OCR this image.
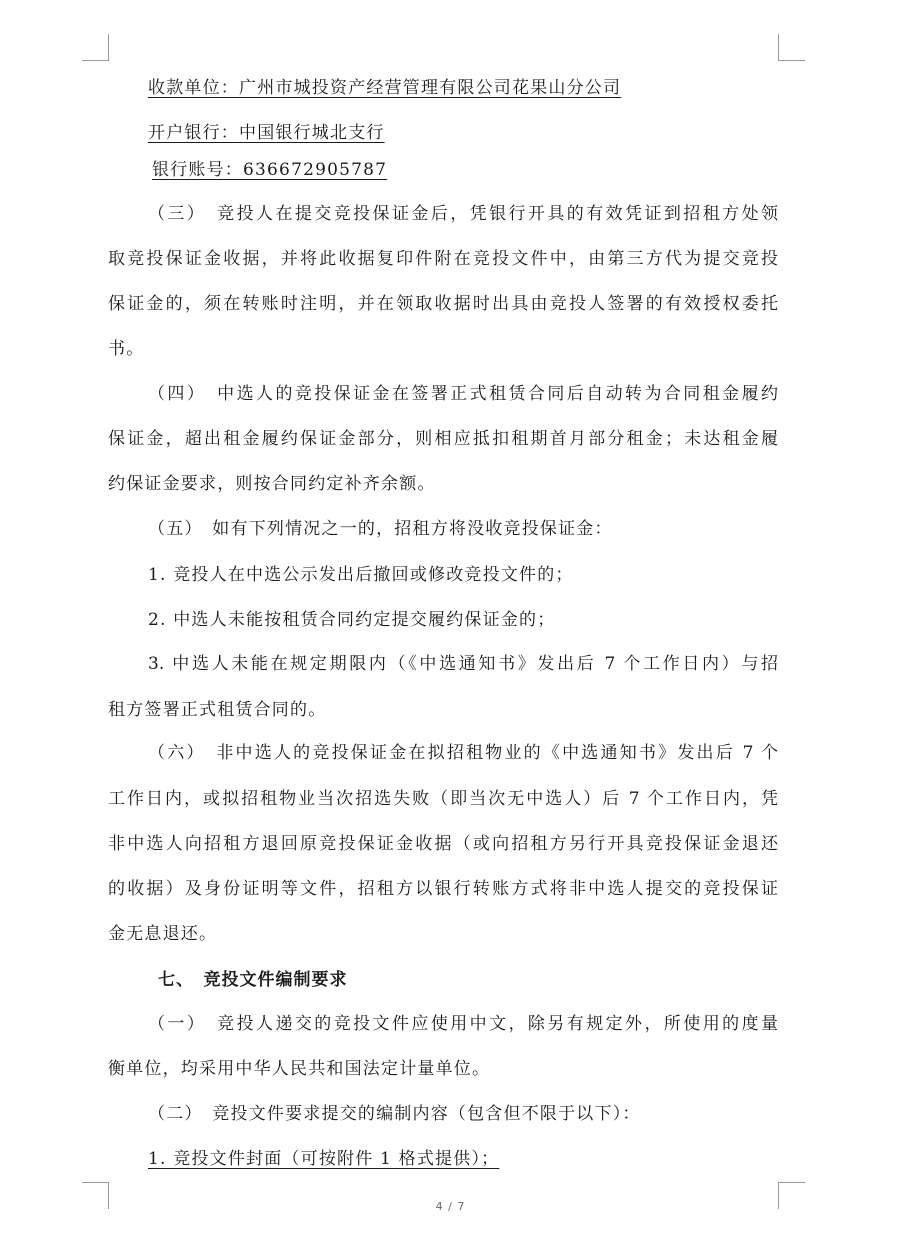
收款单位：广州市城投资产经营管理有限公司花果山分公司
开户银行：中国银行城北支行
银行账号：636672905787
（三）　竞投人在提交竞投保证金后，凭银行开具的有效凭证到招租方处领
取竞投保证金收据，并将此收据复印件附在竞投文件中，由第三方代为提交竞投
保证金的，须在转账时注明，并在领取收据时出具由竞投人签署的有效授权委托
书。
（四）　中选人的竞投保证金在签署正式租赁合同后自动转为合同租金履约
保证金，超出租金履约保证金部分，则相应抵扣租期首月部分租金；未达租金履
约保证金要求，则按合同约定补齐余额。
（五）　如有下列情况之一的，招租方将没收竞投保证金：
1. 竞投人在中选公示发出后撤回或修改竞投文件的；
2. 中选人未能按租赁合同约定提交履约保证金的；
3. 中选人未能在规定期限内（《中选通知书》发出后 7 个工作日内）与招
租方签署正式租赁合同的。
（六）　非中选人的竞投保证金在拟招租物业的《中选通知书》发出后 7 个
工作日内，或拟招租物业当次招选失败（即当次无中选人）后 7 个工作日内，凭
非中选人向招租方退回原竞投保证金收据（或向招租方另行开具竞投保证金退还
的收据）及身份证明等文件，招租方以银行转账方式将非中选人提交的竞投保证
金无息退还。
七、　竞投文件编制要求
（一）　竞投人递交的竞投文件应使用中文，除另有规定外，所使用的度量
衡单位，均采用中华人民共和国法定计量单位。
（二）　竞投文件要求提交的编制内容（包含但不限于以下）：
1. 竞投文件封面（可按附件 1 格式提供）；
4 / 7
